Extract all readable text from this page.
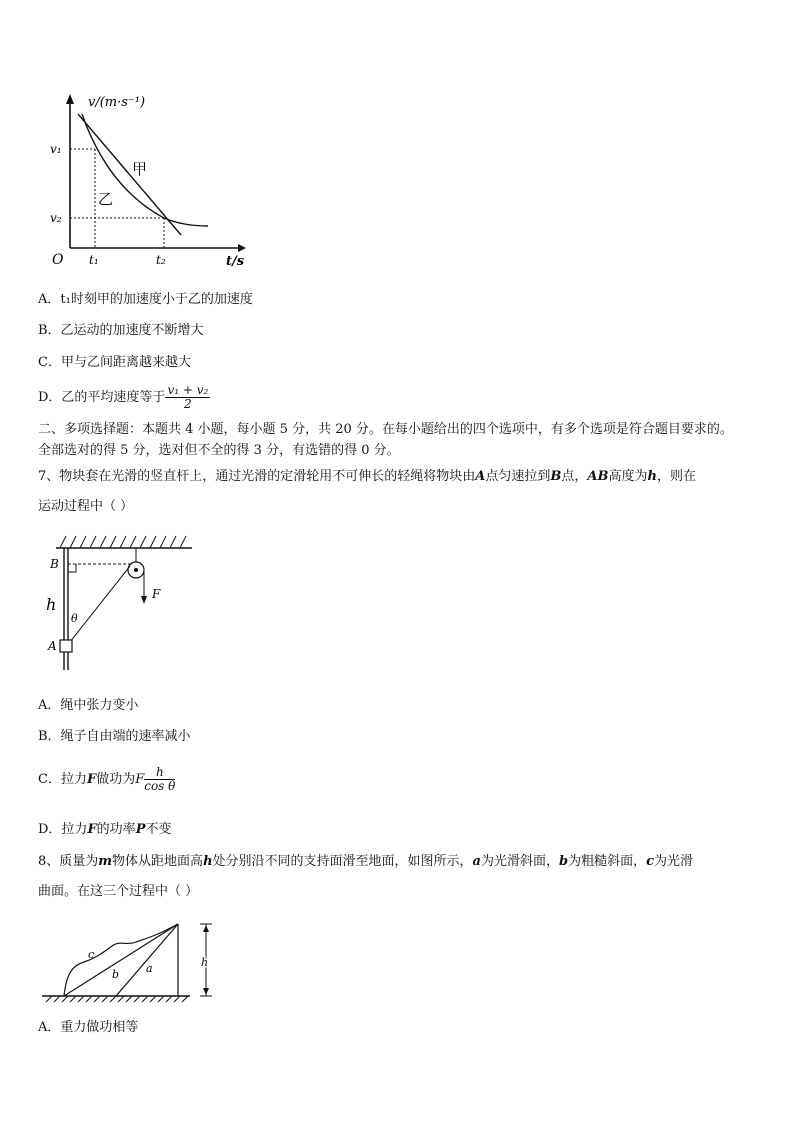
v/(m·s⁻¹)
t/s
O
v₁
v₂
t₁	t₂
甲
乙
A．t₁时刻甲的加速度小于乙的加速度
B．乙运动的加速度不断增大
C．甲与乙间距离越来越大
D．乙的平均速度等于 $\frac{\text{v₁ + v₂}}{2}$
二、多项选择题：本题共 4 小题，每小题 5 分，共 20 分。在每小题给出的四个选项中，有多个选项是符合题目要求的。
全部选对的得 5 分，选对但不全的得 3 分，有选错的得 0 分。
7、物块套在光滑的竖直杆上，通过光滑的定滑轮用不可伸长的轻绳将物块由A点匀速拉到B点，AB高度为h，则在
运动过程中（ ）
B
A
h
θ
F
A．绳中张力变小
B．绳子自由端的速率减小
C．拉力F做功为F $\frac{h}{\text{cos θ}}$
D．拉力F的功率P不变
8、质量为m物体从距地面高h处分别沿不同的支持面滑至地面，如图所示，a为光滑斜面，b为粗糙斜面，c为光滑
曲面。在这三个过程中（ ）
h
a
b
c
A．重力做功相等
